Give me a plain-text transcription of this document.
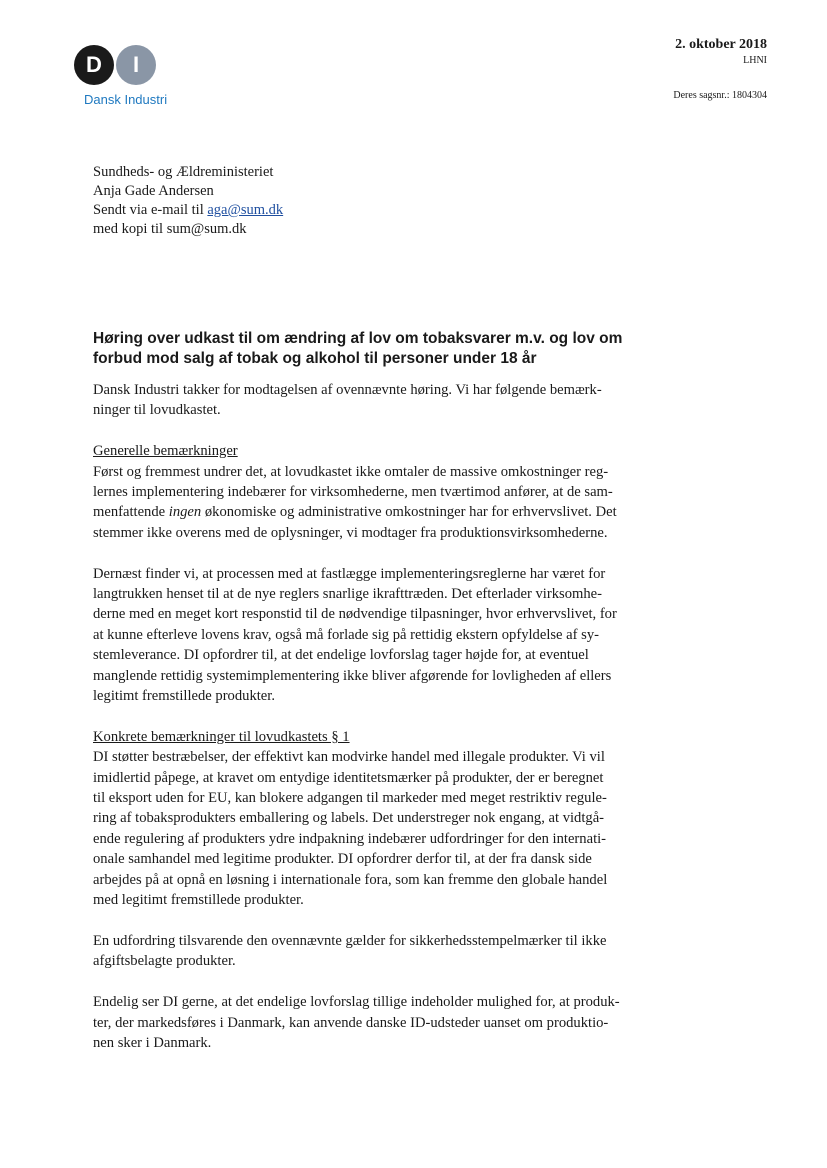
D	I
Dansk Industri
2. oktober 2018
LHNI
Deres sagsnr.: 1804304
Sundheds- og Ældreministeriet
Anja Gade Andersen
Sendt via e-mail til aga@sum.dk
med kopi til sum@sum.dk
Høring over udkast til om ændring af lov om tobaksvarer m.v. og lov om
forbud mod salg af tobak og alkohol til personer under 18 år
Dansk Industri takker for modtagelsen af ovennævnte høring. Vi har følgende bemærk-
ninger til lovudkastet.
Generelle bemærkninger
Først og fremmest undrer det, at lovudkastet ikke omtaler de massive omkostninger reg-
lernes implementering indebærer for virksomhederne, men tværtimod anfører, at de sam-
menfattende ingen økonomiske og administrative omkostninger har for erhvervslivet. Det
stemmer ikke overens med de oplysninger, vi modtager fra produktionsvirksomhederne.
Dernæst finder vi, at processen med at fastlægge implementeringsreglerne har været for
langtrukken henset til at de nye reglers snarlige ikrafttræden. Det efterlader virksomhe-
derne med en meget kort responstid til de nødvendige tilpasninger, hvor erhvervslivet, for
at kunne efterleve lovens krav, også må forlade sig på rettidig ekstern opfyldelse af sy-
stemleverance. DI opfordrer til, at det endelige lovforslag tager højde for, at eventuel
manglende rettidig systemimplementering ikke bliver afgørende for lovligheden af ellers
legitimt fremstillede produkter.
Konkrete bemærkninger til lovudkastets § 1
DI støtter bestræbelser, der effektivt kan modvirke handel med illegale produkter. Vi vil
imidlertid påpege, at kravet om entydige identitetsmærker på produkter, der er beregnet
til eksport uden for EU, kan blokere adgangen til markeder med meget restriktiv regule-
ring af tobaksprodukters emballering og labels. Det understreger nok engang, at vidtgå-
ende regulering af produkters ydre indpakning indebærer udfordringer for den internati-
onale samhandel med legitime produkter. DI opfordrer derfor til, at der fra dansk side
arbejdes på at opnå en løsning i internationale fora, som kan fremme den globale handel
med legitimt fremstillede produkter.
En udfordring tilsvarende den ovennævnte gælder for sikkerhedsstempelmærker til ikke
afgiftsbelagte produkter.
Endelig ser DI gerne, at det endelige lovforslag tillige indeholder mulighed for, at produk-
ter, der markedsføres i Danmark, kan anvende danske ID-udsteder uanset om produktio-
nen sker i Danmark.
